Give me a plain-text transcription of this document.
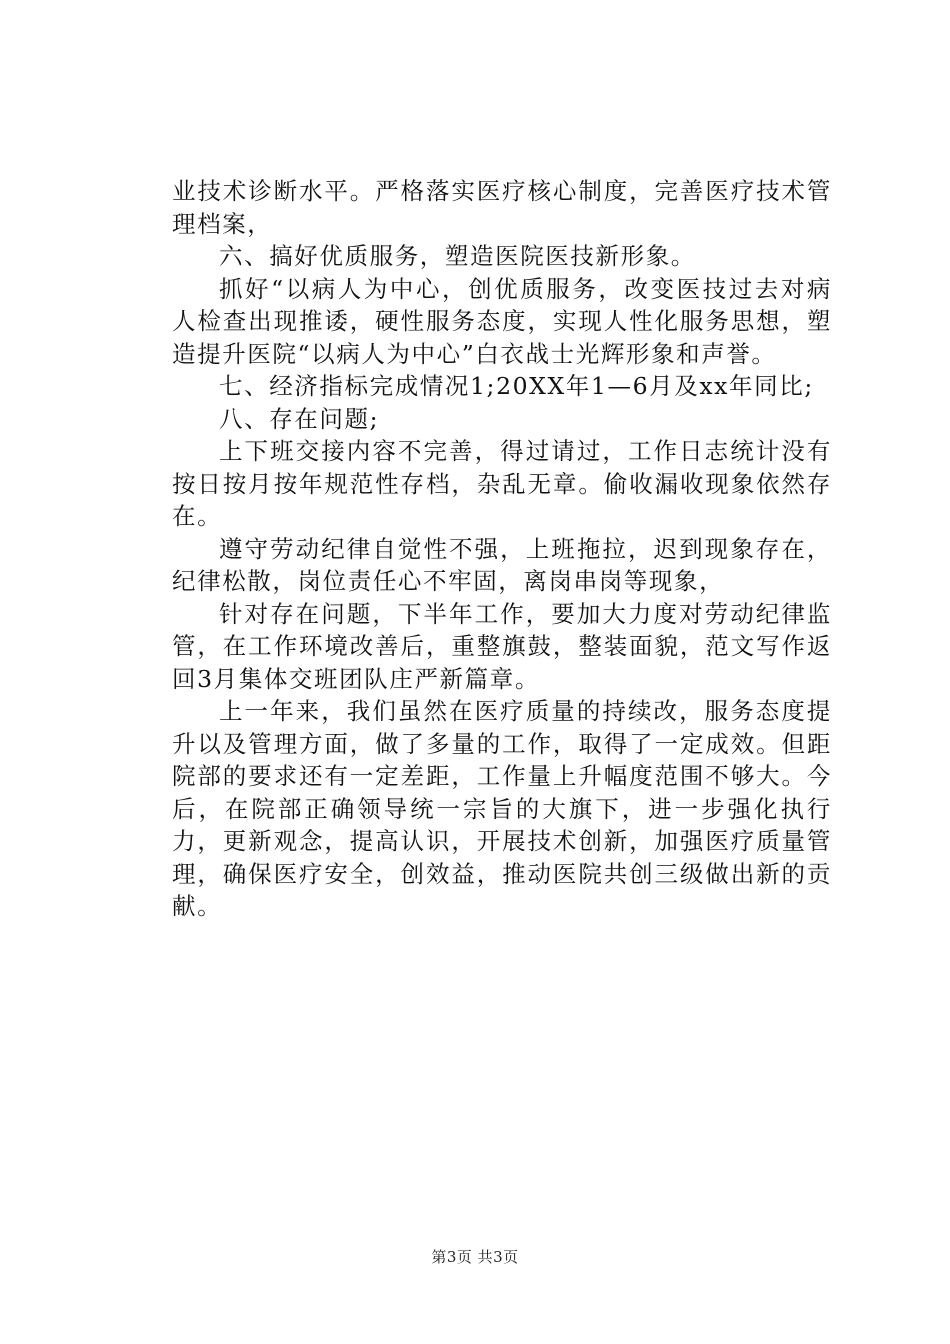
业技术诊断水平。严格落实医疗核心制度，完善医疗技术管理档案，

六、搞好优质服务，塑造医院医技新形象。

抓好“以病人为中心，创优质服务，改变医技过去对病人检查出现推诿，硬性服务态度，实现人性化服务思想，塑造提升医院“以病人为中心”白衣战士光辉形象和声誉。

七、经济指标完成情况1;20XX年1—6月及xx年同比;

八、存在问题;

上下班交接内容不完善，得过请过，工作日志统计没有按日按月按年规范性存档，杂乱无章。偷收漏收现象依然存在。

遵守劳动纪律自觉性不强，上班拖拉，迟到现象存在，纪律松散，岗位责任心不牢固，离岗串岗等现象，

针对存在问题，下半年工作，要加大力度对劳动纪律监管，在工作环境改善后，重整旗鼓，整装面貌，范文写作返回3月集体交班团队庄严新篇章。

上一年来，我们虽然在医疗质量的持续改，服务态度提升以及管理方面，做了多量的工作，取得了一定成效。但距院部的要求还有一定差距，工作量上升幅度范围不够大。今后，在院部正确领导统一宗旨的大旗下，进一步强化执行力，更新观念，提高认识，开展技术创新，加强医疗质量管理，确保医疗安全，创效益，推动医院共创三级做出新的贡献。

第3页 共3页
